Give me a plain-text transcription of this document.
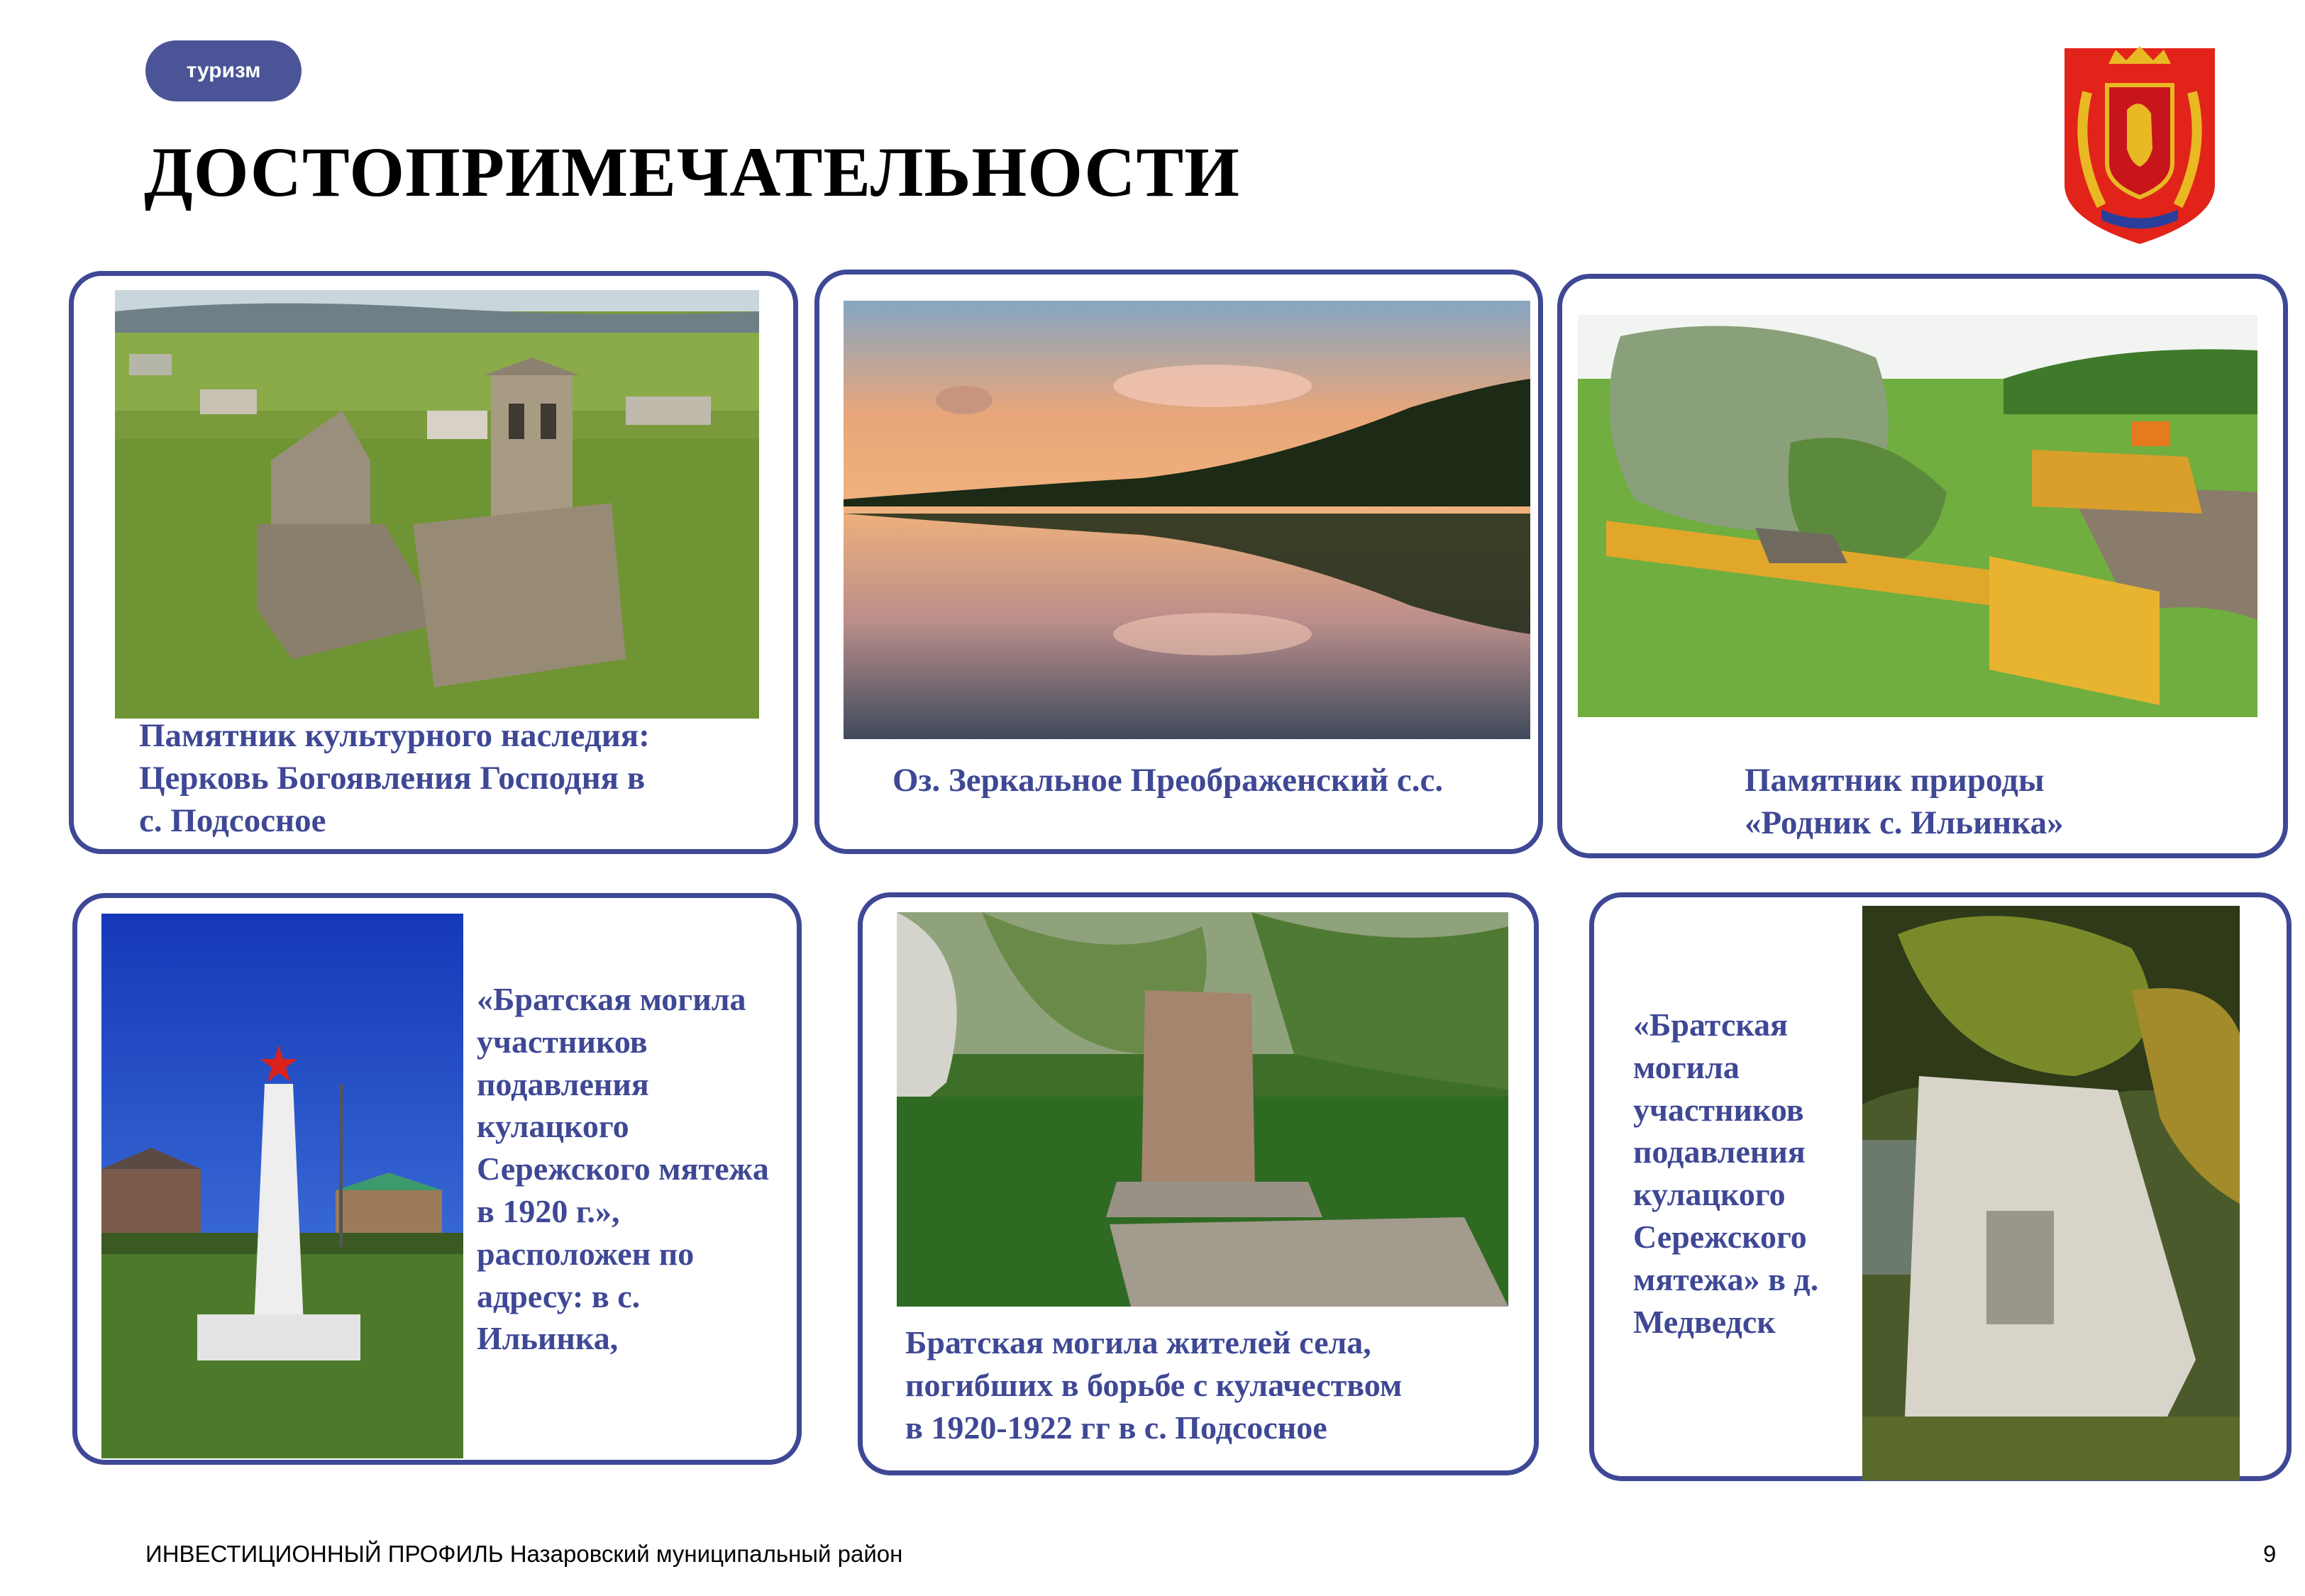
туризм
ДОСТОПРИМЕЧАТЕЛЬНОСТИ
Памятник культурного наследия:
Церковь Богоявления Господня в
с. Подсосное
Оз. Зеркальное Преображенский с.с.	Памятник природы
«Родник с. Ильинка»
«Братская могила
участников
подавления
кулацкого
Сережского мятежа
в 1920 г.»,
расположен по
адресу: в с.
Ильинка,	Братская могила жителей села,
погибших в борьбе с кулачеством
в 1920-1922 гг в с. Подсосное
«Братская
могила
участников
подавления
кулацкого
Сережского
мятежа» в д.
Медведск
ИНВЕСТИЦИОННЫЙ ПРОФИЛЬ Назаровский муниципальный район	9
